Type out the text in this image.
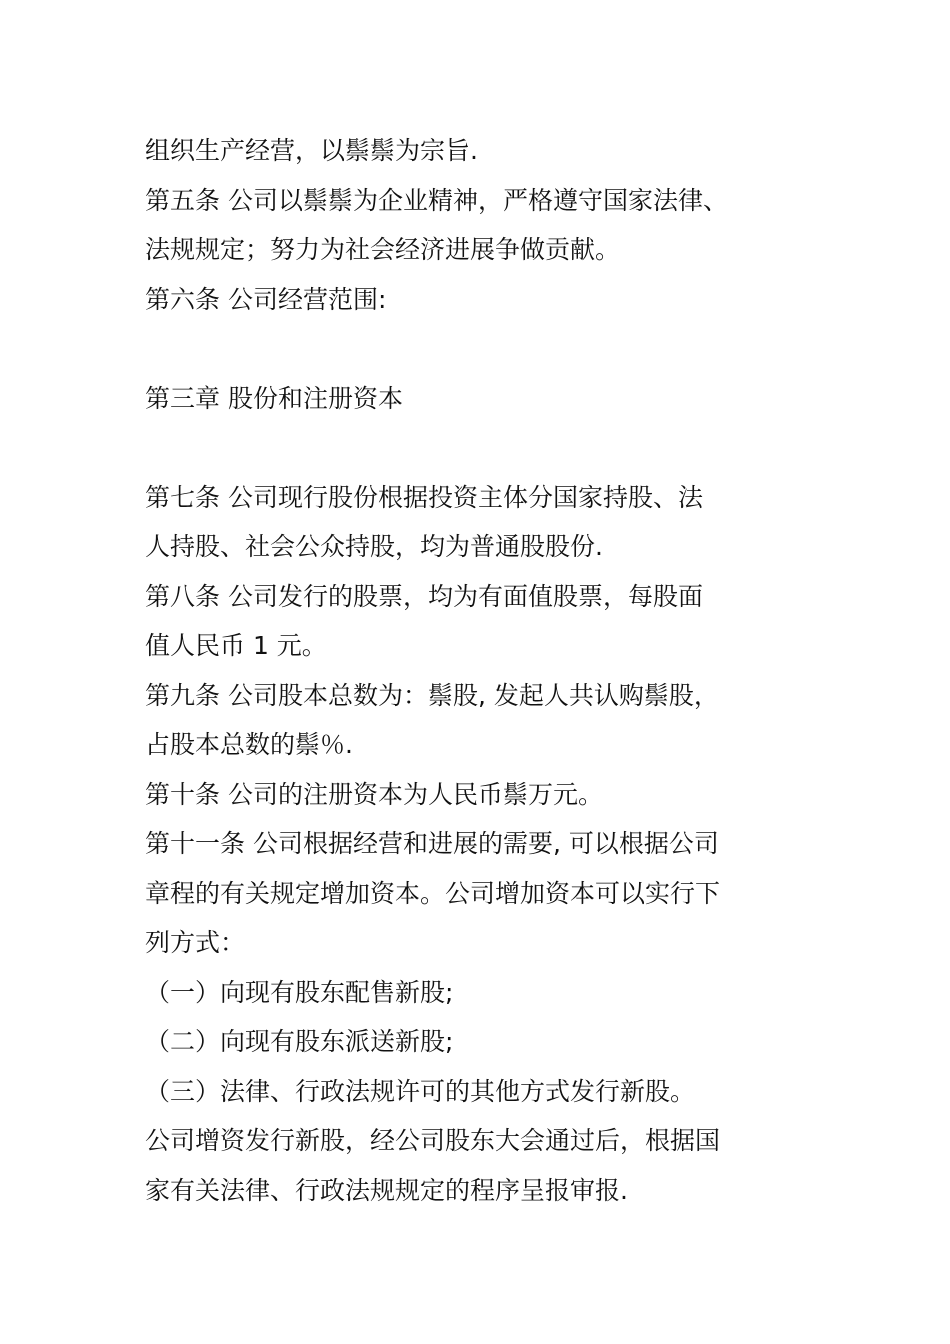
组织生产经营，以鬃鬃为宗旨.
第五条 公司以鬃鬃为企业精神，严格遵守国家法律、
法规规定；努力为社会经济进展争做贡献。
第六条 公司经营范围:
第三章 股份和注册资本
第七条 公司现行股份根据投资主体分国家持股、法
人持股、社会公众持股，均为普通股股份.
第八条 公司发行的股票，均为有面值股票，每股面
值人民币 1 元。
第九条 公司股本总数为：鬃股, 发起人共认购鬃股，
占股本总数的鬃％.
第十条 公司的注册资本为人民币鬃万元。
第十一条 公司根据经营和进展的需要, 可以根据公司
章程的有关规定增加资本。公司增加资本可以实行下
列方式：
（一）向现有股东配售新股;
（二）向现有股东派送新股;
（三）法律、行政法规许可的其他方式发行新股。
公司增资发行新股，经公司股东大会通过后，根据国
家有关法律、行政法规规定的程序呈报审报.
